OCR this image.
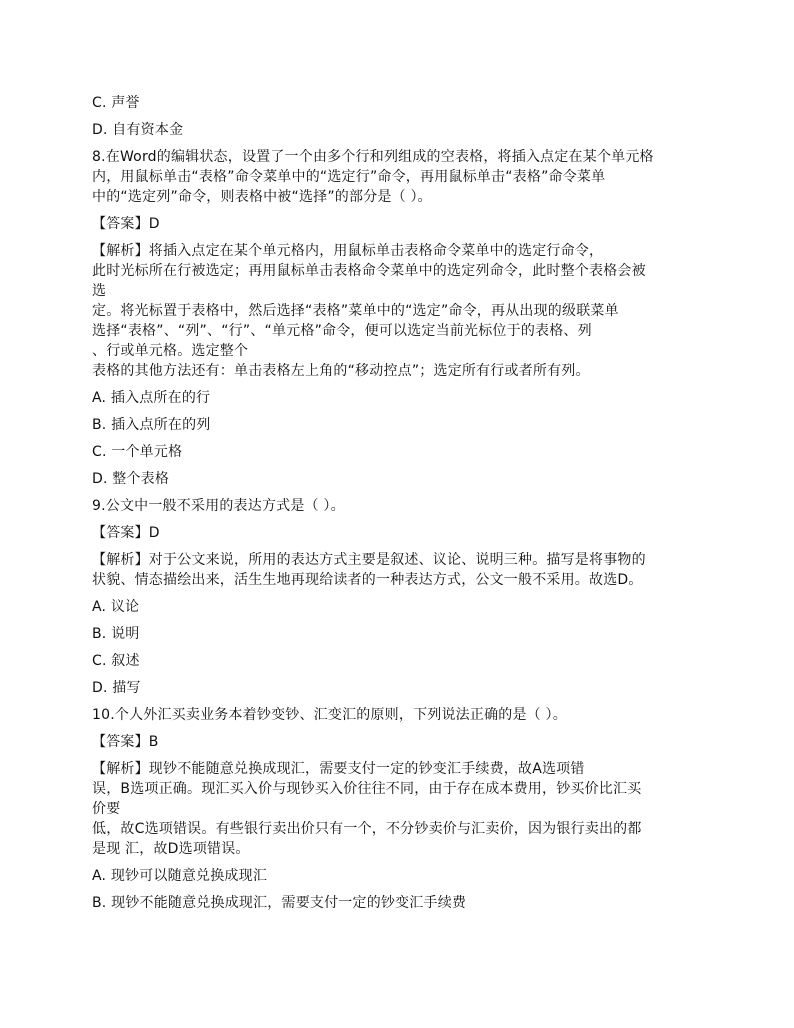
C. 声誉
D. 自有资本金
8.在Word的编辑状态，设置了一个由多个行和列组成的空表格，将插入点定在某个单元格
内，用鼠标单击“表格”命令菜单中的“选定行”命令，再用鼠标单击“表格”命令菜单
中的“选定列”命令，则表格中被“选择”的部分是（ ）。
【答案】D
【解析】将插入点定在某个单元格内，用鼠标单击表格命令菜单中的选定行命令，
此时光标所在行被选定；再用鼠标单击表格命令菜单中的选定列命令，此时整个表格会被
选
定。将光标置于表格中，然后选择“表格”菜单中的“选定”命令，再从出现的级联菜单
选择“表格”、“列”、“行”、“单元格”命令，便可以选定当前光标位于的表格、列
、行或单元格。选定整个
表格的其他方法还有：单击表格左上角的“移动控点”；选定所有行或者所有列。
A. 插入点所在的行
B. 插入点所在的列
C. 一个单元格
D. 整个表格
9.公文中一般不采用的表达方式是（ ）。
【答案】D
【解析】对于公文来说，所用的表达方式主要是叙述、议论、说明三种。描写是将事物的
状貌、情态描绘出来，活生生地再现给读者的一种表达方式，公文一般不采用。故选D。
A. 议论
B. 说明
C. 叙述
D. 描写
10.个人外汇买卖业务本着钞变钞、汇变汇的原则，下列说法正确的是（ ）。
【答案】B
【解析】现钞不能随意兑换成现汇，需要支付一定的钞变汇手续费，故A选项错
误，B选项正确。现汇买入价与现钞买入价往往不同，由于存在成本费用，钞买价比汇买
价要
低，故C选项错误。有些银行卖出价只有一个，不分钞卖价与汇卖价，因为银行卖出的都
是现 汇，故D选项错误。
A. 现钞可以随意兑换成现汇
B. 现钞不能随意兑换成现汇，需要支付一定的钞变汇手续费
